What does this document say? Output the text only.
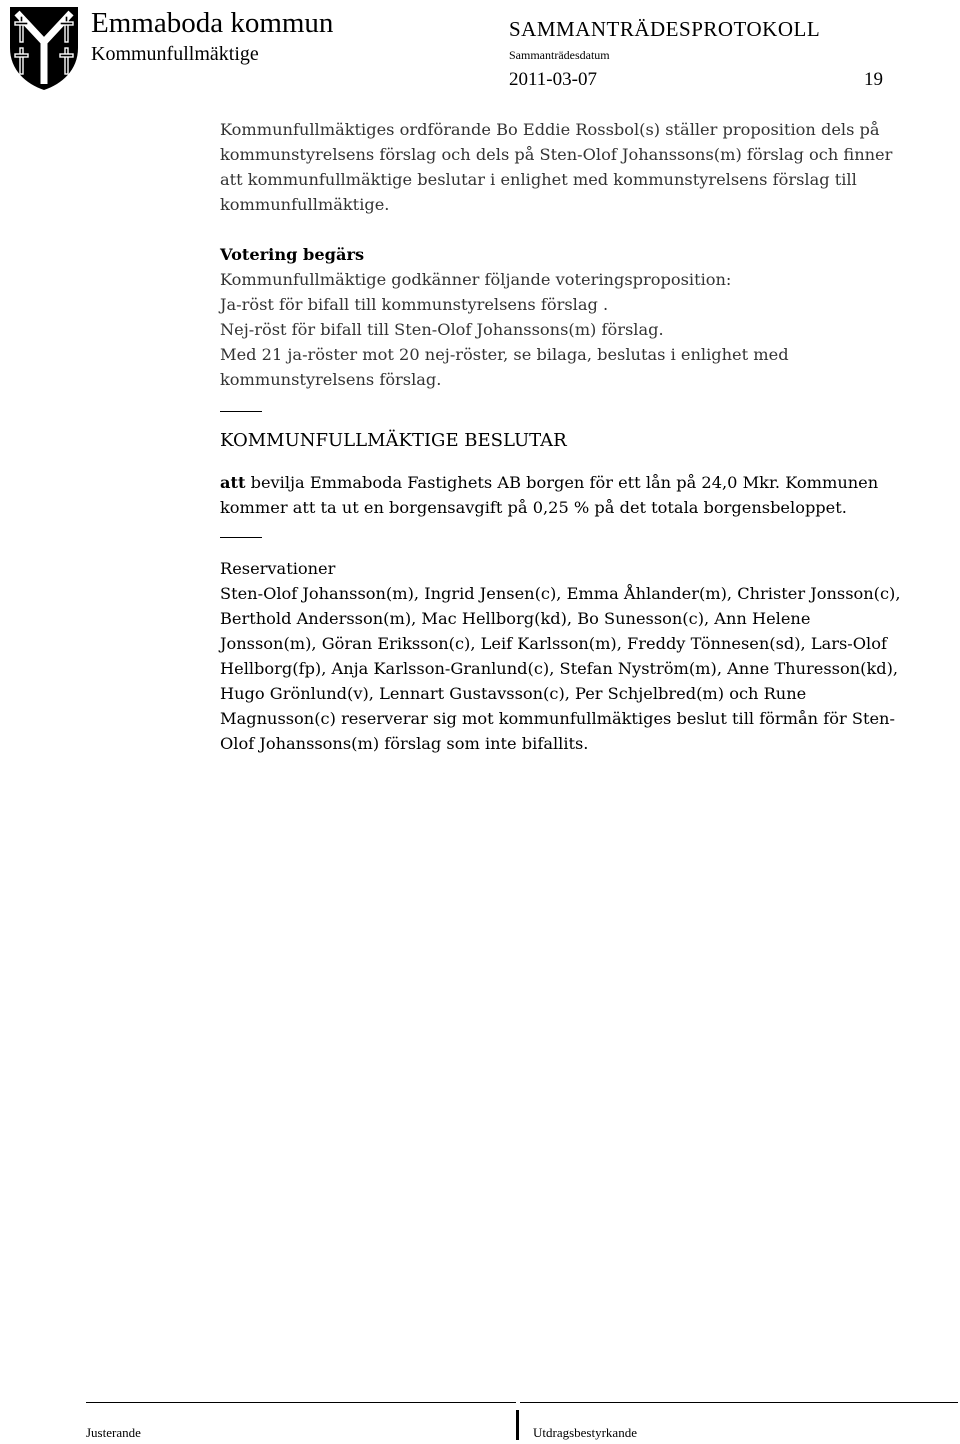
Emmaboda kommun
Kommunfullmäktige
SAMMANTRÄDESPROTOKOLL
Sammanträdesdatum
2011-03-07	19
Kommunfullmäktiges ordförande Bo Eddie Rossbol(s) ställer proposition dels på
kommunstyrelsens förslag och dels på Sten-Olof Johanssons(m) förslag och finner
att kommunfullmäktige beslutar i enlighet med kommunstyrelsens förslag till
kommunfullmäktige.
Votering begärs
Kommunfullmäktige godkänner följande voteringsproposition:
Ja-röst för bifall till kommunstyrelsens förslag .
Nej-röst för bifall till Sten-Olof Johanssons(m) förslag.
Med 21 ja-röster mot 20 nej-röster, se bilaga, beslutas i enlighet med
kommunstyrelsens förslag.
KOMMUNFULLMÄKTIGE BESLUTAR
att bevilja Emmaboda Fastighets AB borgen för ett lån på 24,0 Mkr. Kommunen
kommer att ta ut en borgensavgift på 0,25 % på det totala borgensbeloppet.
Reservationer
Sten-Olof Johansson(m), Ingrid Jensen(c), Emma Åhlander(m), Christer Jonsson(c),
Berthold Andersson(m), Mac Hellborg(kd), Bo Sunesson(c), Ann Helene
Jonsson(m), Göran Eriksson(c), Leif Karlsson(m), Freddy Tönnesen(sd), Lars-Olof
Hellborg(fp), Anja Karlsson-Granlund(c), Stefan Nyström(m), Anne Thuresson(kd),
Hugo Grönlund(v), Lennart Gustavsson(c), Per Schjelbred(m) och Rune
Magnusson(c) reserverar sig mot kommunfullmäktiges beslut till förmån för Sten-
Olof Johanssons(m) förslag som inte bifallits.
Justerande	Utdragsbestyrkande
